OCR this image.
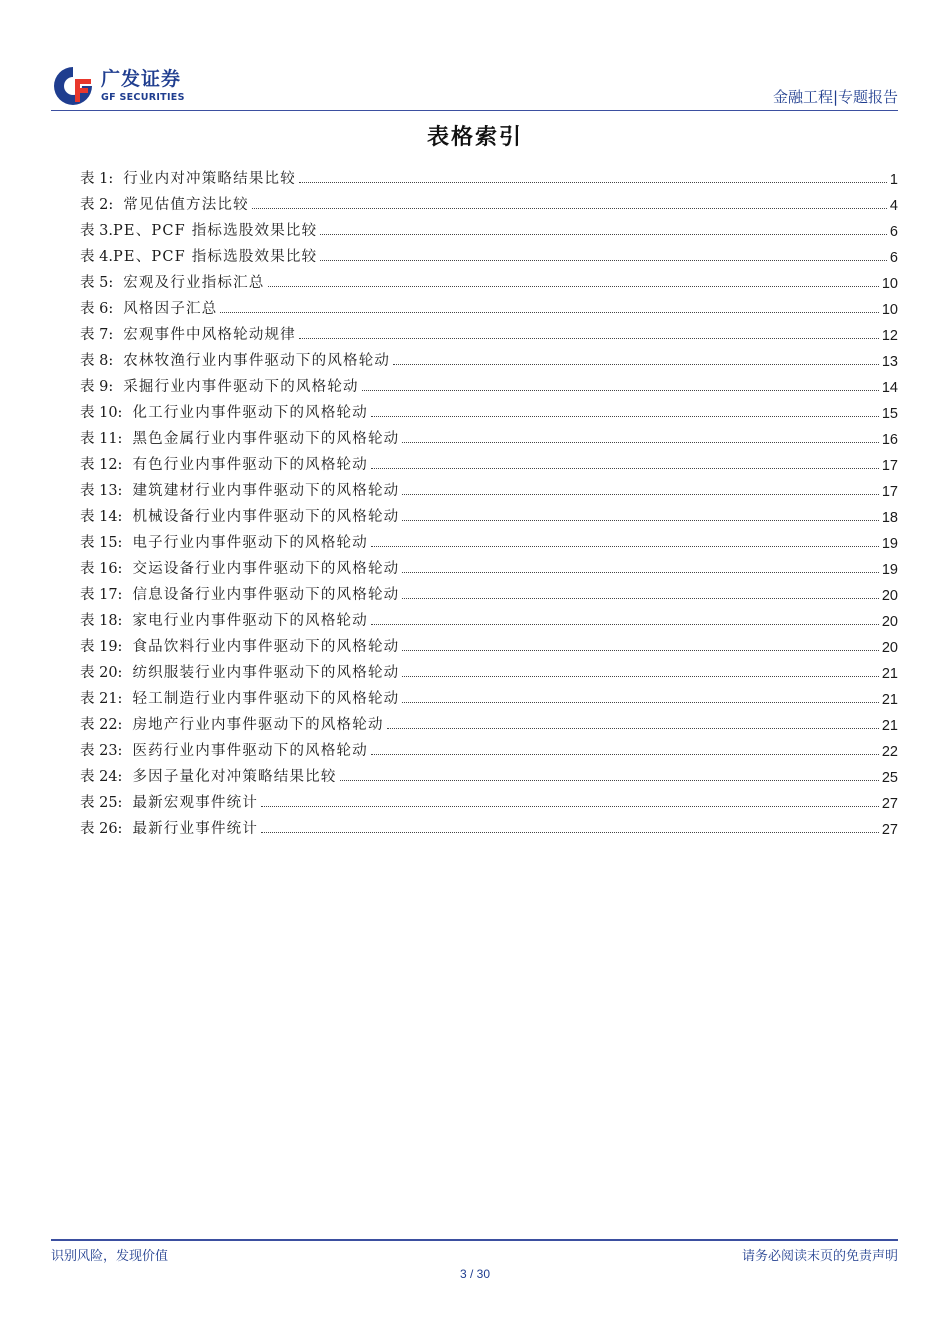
广发证券
GF SECURITIES	金融工程|专题报告
表格索引
表 1: 行业内对冲策略结果比较	1
表 2: 常见估值方法比较	4
表 3. PE、PCF 指标选股效果比较	6
表 4. PE、PCF 指标选股效果比较	6
表 5: 宏观及行业指标汇总	10
表 6: 风格因子汇总	10
表 7: 宏观事件中风格轮动规律	12
表 8: 农林牧渔行业内事件驱动下的风格轮动	13
表 9: 采掘行业内事件驱动下的风格轮动	14
表 10: 化工行业内事件驱动下的风格轮动	15
表 11: 黑色金属行业内事件驱动下的风格轮动	16
表 12: 有色行业内事件驱动下的风格轮动	17
表 13: 建筑建材行业内事件驱动下的风格轮动	17
表 14: 机械设备行业内事件驱动下的风格轮动	18
表 15: 电子行业内事件驱动下的风格轮动	19
表 16: 交运设备行业内事件驱动下的风格轮动	19
表 17: 信息设备行业内事件驱动下的风格轮动	20
表 18: 家电行业内事件驱动下的风格轮动	20
表 19: 食品饮料行业内事件驱动下的风格轮动	20
表 20: 纺织服装行业内事件驱动下的风格轮动	21
表 21: 轻工制造行业内事件驱动下的风格轮动	21
表 22: 房地产行业内事件驱动下的风格轮动	21
表 23: 医药行业内事件驱动下的风格轮动	22
表 24: 多因子量化对冲策略结果比较	25
表 25: 最新宏观事件统计	27
表 26: 最新行业事件统计	27
识别风险，发现价值	请务必阅读末页的免责声明
3 / 30
